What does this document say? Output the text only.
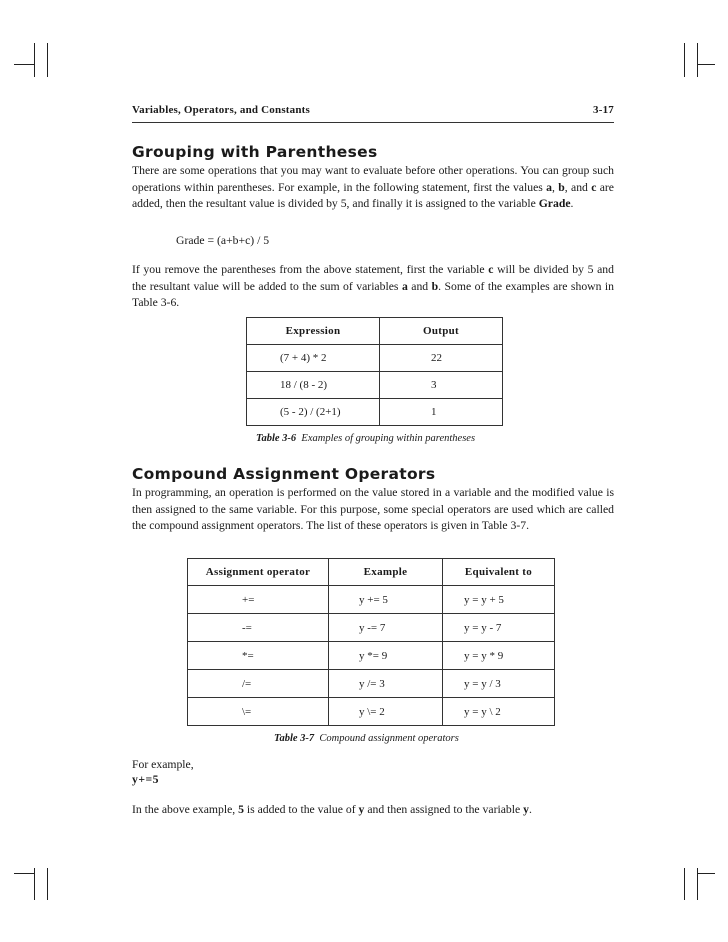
Variables, Operators, and Constants	3-17
Grouping with Parentheses

There are some operations that you may want to evaluate before other operations. You can group such operations within parentheses. For example, in the following statement, first the values a, b, and c are added, then the resultant value is divided by 5, and finally it is assigned to the variable Grade.

Grade = (a+b+c) / 5

If you remove the parentheses from the above statement, first the variable c will be divided by 5 and the resultant value will be added to the sum of variables a and b. Some of the examples are shown in Table 3-6.

Expression	Output
(7 + 4) * 2	22
18 / (8 - 2)	3
(5 - 2) / (2+1)	1
Table 3-6 Examples of grouping within parentheses
Compound Assignment Operators

In programming, an operation is performed on the value stored in a variable and the modified value is then assigned to the same variable. For this purpose, some special operators are used which are called the compound assignment operators. The list of these operators is given in Table 3-7.

Assignment operator	Example	Equivalent to
+=	y += 5	y = y + 5
-=	y -= 7	y = y - 7
*=	y *= 9	y = y * 9
/=	y /= 3	y = y / 3
\=	y \= 2	y = y \ 2
Table 3-7 Compound assignment operators

For example,

y+=5

In the above example, 5 is added to the value of y and then assigned to the variable y.
